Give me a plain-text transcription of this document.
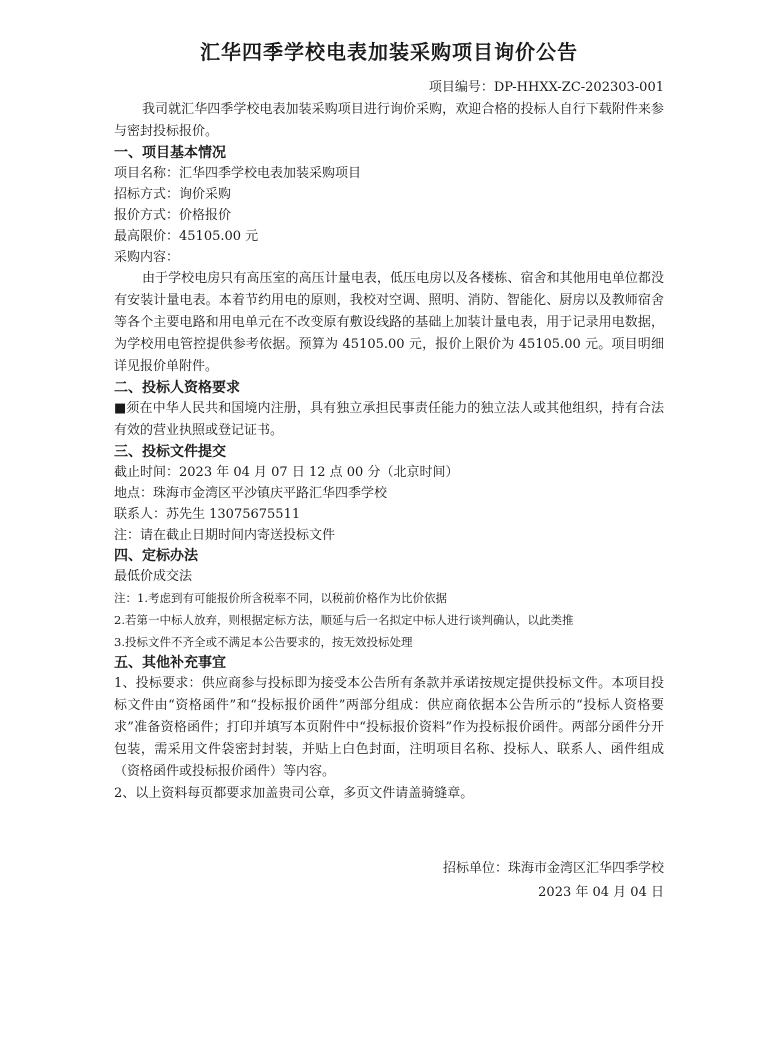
汇华四季学校电表加装采购项目询价公告
项目编号：DP-HHXX-ZC-202303-001

我司就汇华四季学校电表加装采购项目进行询价采购，欢迎合格的投标人自行下载附件来参与密封投标报价。

一、项目基本情况

项目名称：汇华四季学校电表加装采购项目

招标方式：询价采购

报价方式：价格报价

最高限价：45105.00 元

采购内容：

由于学校电房只有高压室的高压计量电表，低压电房以及各楼栋、宿舍和其他用电单位都没有安装计量电表。本着节约用电的原则，我校对空调、照明、消防、智能化、厨房以及教师宿舍等各个主要电路和用电单元在不改变原有敷设线路的基础上加装计量电表，用于记录用电数据，为学校用电管控提供参考依据。预算为 45105.00 元，报价上限价为 45105.00 元。项目明细详见报价单附件。

二、投标人资格要求

■须在中华人民共和国境内注册，具有独立承担民事责任能力的独立法人或其他组织，持有合法有效的营业执照或登记证书。

三、投标文件提交

截止时间：2023 年 04 月 07 日 12 点 00 分（北京时间）

地点：珠海市金湾区平沙镇庆平路汇华四季学校

联系人：苏先生 13075675511

注：请在截止日期时间内寄送投标文件

四、定标办法

最低价成交法

注：1.考虑到有可能报价所含税率不同，以税前价格作为比价依据

2.若第一中标人放弃，则根据定标方法，顺延与后一名拟定中标人进行谈判确认，以此类推

3.投标文件不齐全或不满足本公告要求的，按无效投标处理

五、其他补充事宜

1、投标要求：供应商参与投标即为接受本公告所有条款并承诺按规定提供投标文件。本项目投标文件由“资格函件”和“投标报价函件”两部分组成：供应商依据本公告所示的“投标人资格要求”准备资格函件；打印并填写本页附件中“投标报价资料”作为投标报价函件。两部分函件分开包装，需采用文件袋密封封装，并贴上白色封面，注明项目名称、投标人、联系人、函件组成（资格函件或投标报价函件）等内容。

2、以上资料每页都要求加盖贵司公章，多页文件请盖骑缝章。

招标单位：珠海市金湾区汇华四季学校
2023 年 04 月 04 日
